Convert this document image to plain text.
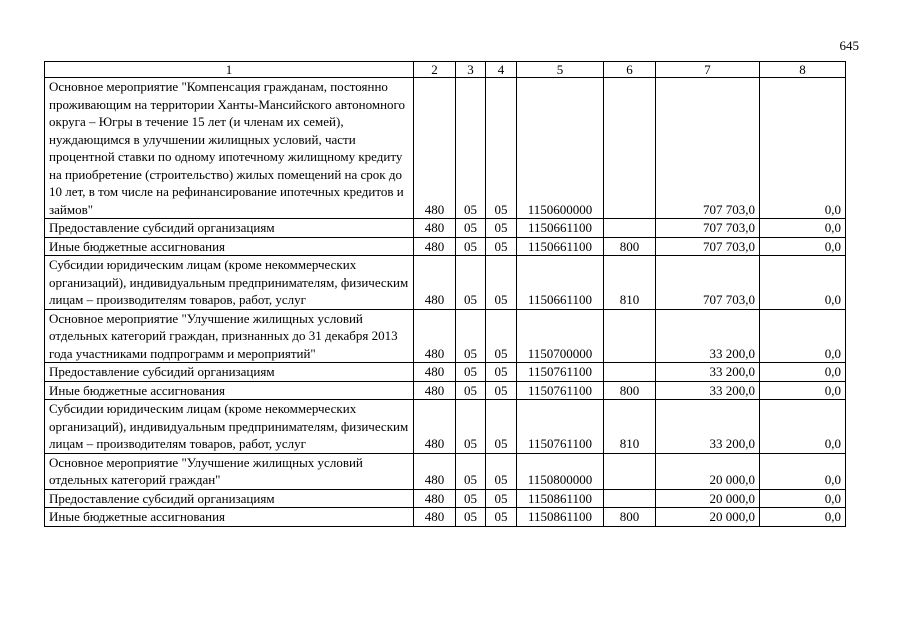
645
1	2	3	4	5	6	7	8
Основное мероприятие "Компенсация гражданам, постоянно проживающим на территории Ханты-Мансийского автономного округа – Югры в течение 15 лет (и членам их семей), нуждающимся в улучшении жилищных условий, части процентной ставки по одному ипотечному жилищному кредиту на приобретение (строительство) жилых помещений на срок до 10 лет, в том числе на рефинансирование ипотечных кредитов и займов"	480	05	05	1150600000		707 703,0	0,0
Предоставление субсидий организациям	480	05	05	1150661100		707 703,0	0,0
Иные бюджетные ассигнования	480	05	05	1150661100	800	707 703,0	0,0
Субсидии юридическим лицам (кроме некоммерческих организаций), индивидуальным предпринимателям, физическим лицам – производителям товаров, работ, услуг	480	05	05	1150661100	810	707 703,0	0,0
Основное мероприятие "Улучшение жилищных условий отдельных категорий граждан, признанных до 31 декабря 2013 года участниками подпрограмм и мероприятий"	480	05	05	1150700000		33 200,0	0,0
Предоставление субсидий организациям	480	05	05	1150761100		33 200,0	0,0
Иные бюджетные ассигнования	480	05	05	1150761100	800	33 200,0	0,0
Субсидии юридическим лицам (кроме некоммерческих организаций), индивидуальным предпринимателям, физическим лицам – производителям товаров, работ, услуг	480	05	05	1150761100	810	33 200,0	0,0
Основное мероприятие "Улучшение жилищных условий отдельных категорий граждан"	480	05	05	1150800000		20 000,0	0,0
Предоставление субсидий организациям	480	05	05	1150861100		20 000,0	0,0
Иные бюджетные ассигнования	480	05	05	1150861100	800	20 000,0	0,0
